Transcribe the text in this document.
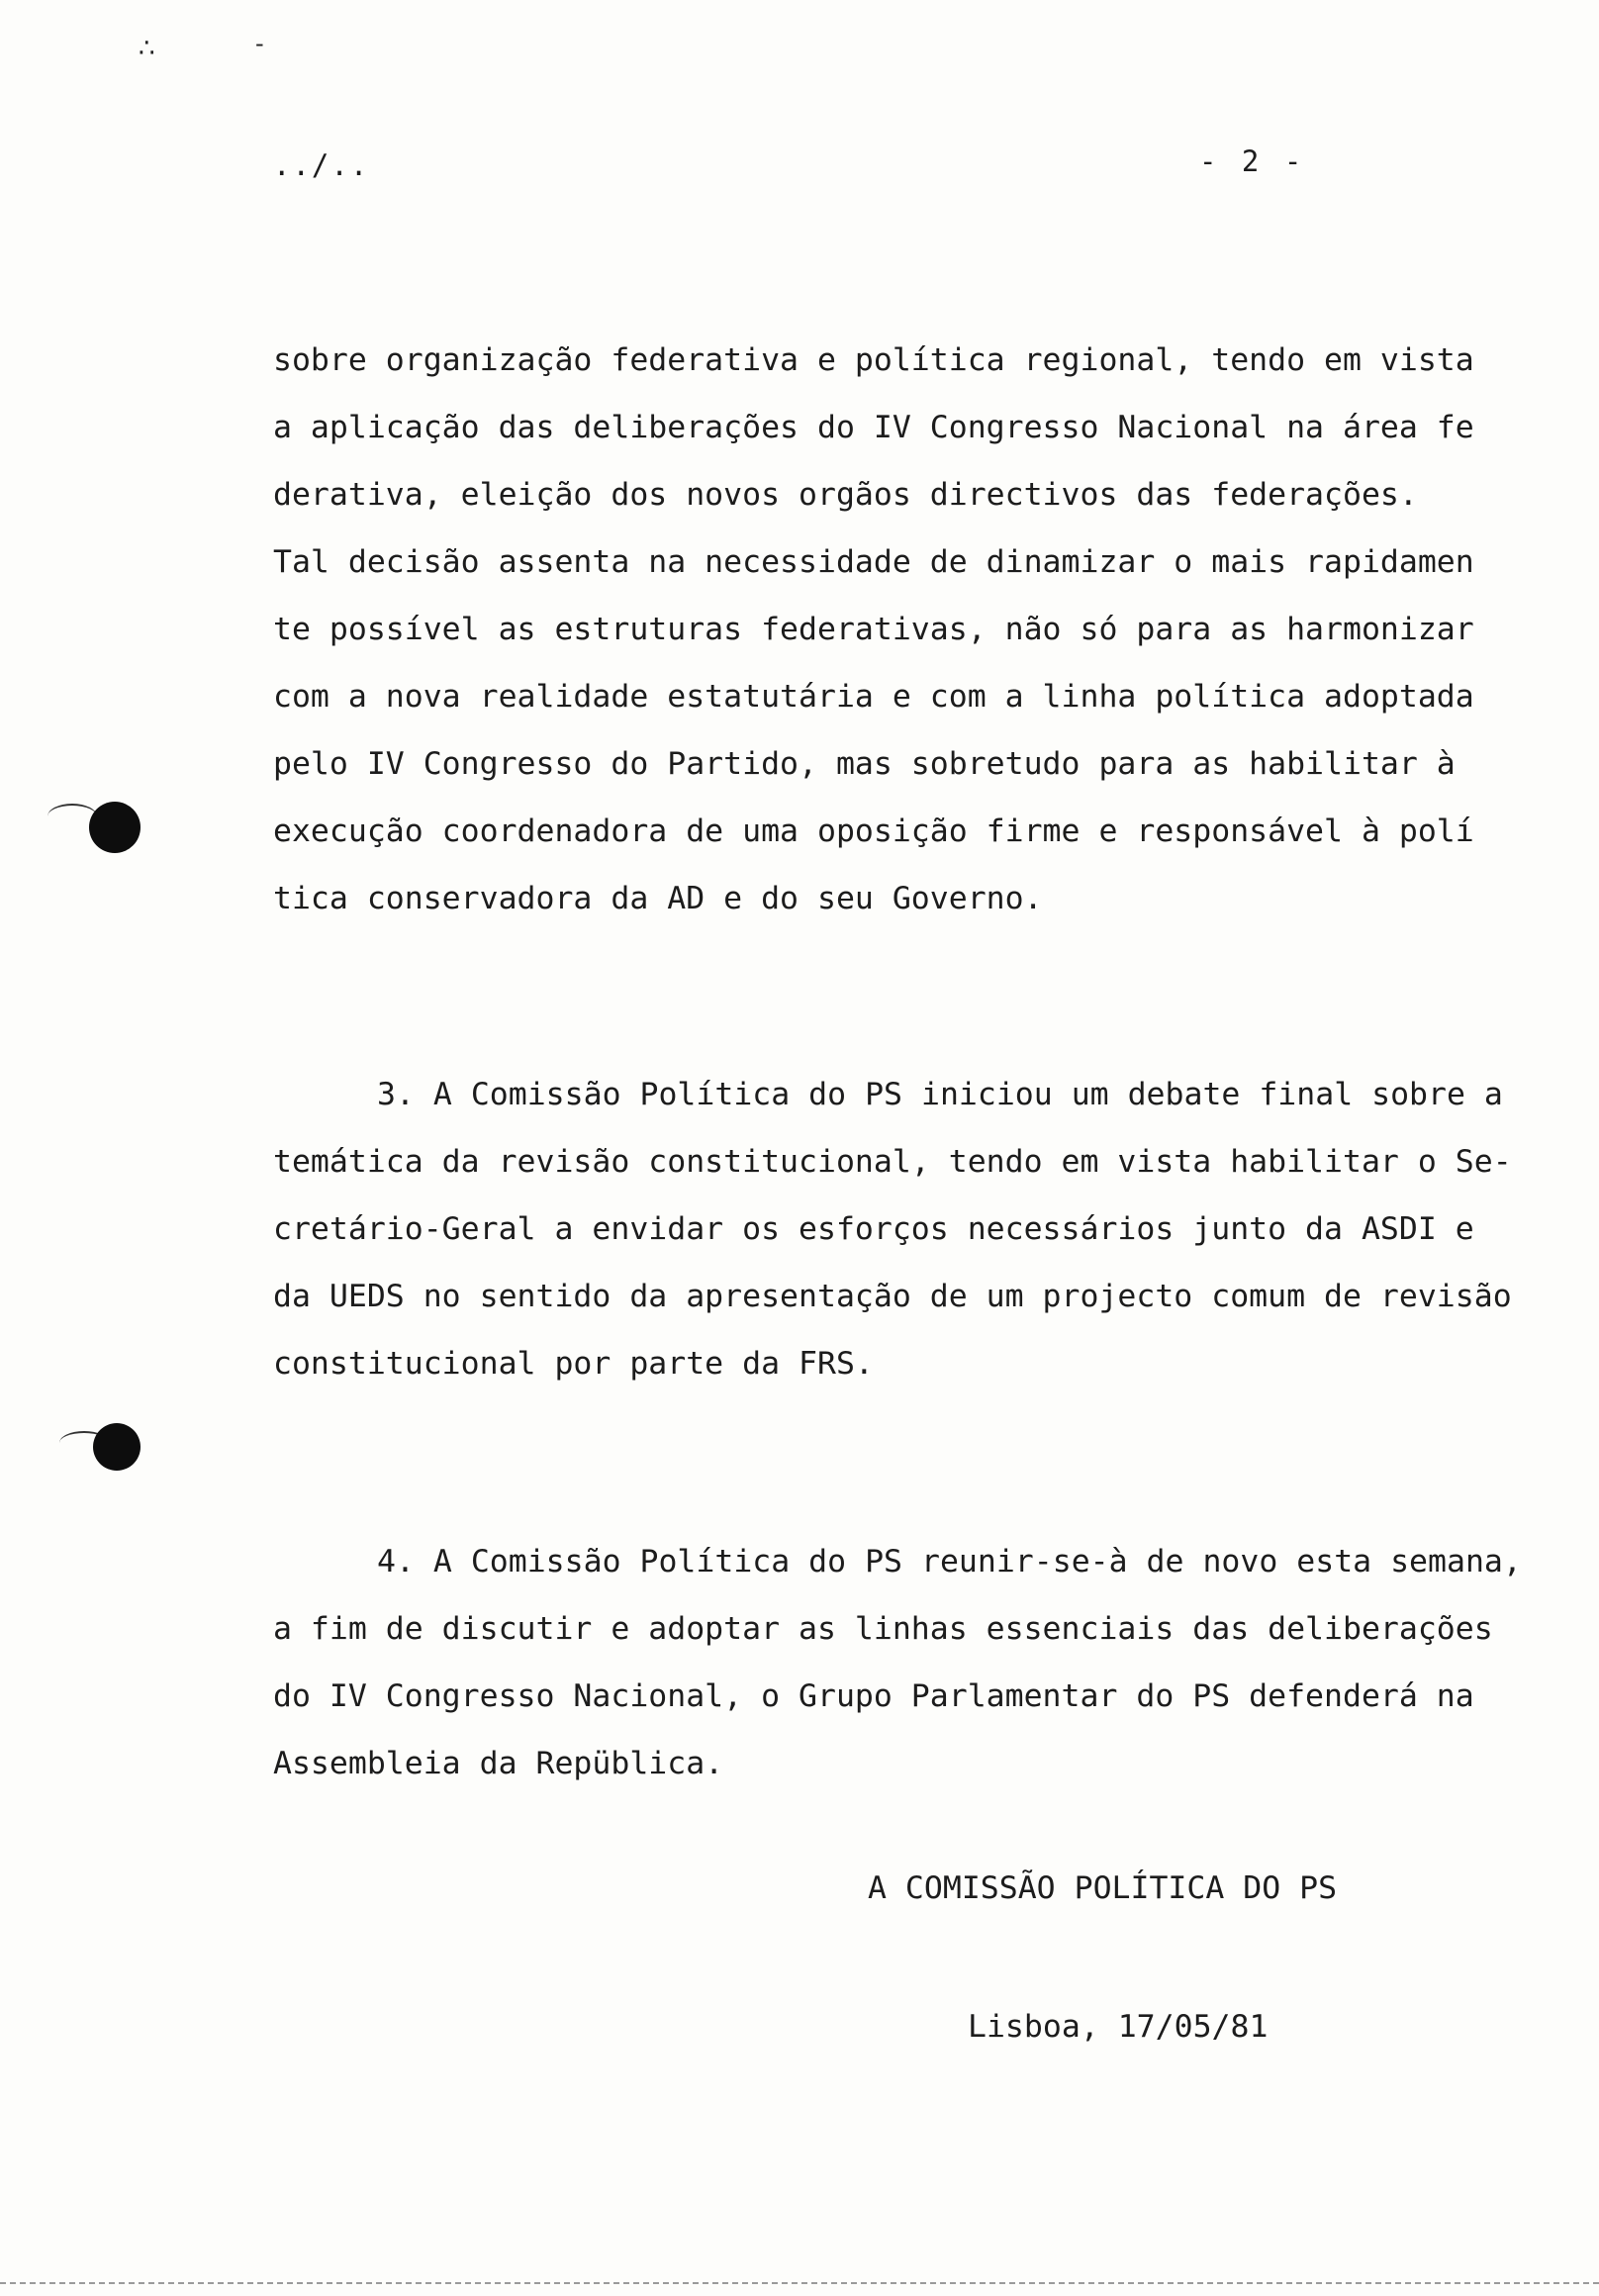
∴	-
../..	- 2 -
sobre organização federativa e política regional, tendo em vista
a aplicação das deliberações do IV Congresso Nacional na área fe
derativa, eleição dos novos orgãos directivos das federações.
Tal decisão assenta na necessidade de dinamizar o mais rapidamen
te possível as estruturas federativas, não só para as harmonizar
com a nova realidade estatutária e com a linha política adoptada
pelo IV Congresso do Partido, mas sobretudo para as habilitar à
execução coordenadora de uma oposição firme e responsável à polí
tica conservadora da AD e do seu Governo.
3. A Comissão Política do PS iniciou um debate final sobre a
temática da revisão constitucional, tendo em vista habilitar o Se-
cretário-Geral a envidar os esforços necessários junto da ASDI e
da UEDS no sentido da apresentação de um projecto comum de revisão
constitucional por parte da FRS.
4. A Comissão Política do PS reunir-se-à de novo esta semana,
a fim de discutir e adoptar as linhas essenciais das deliberações
do IV Congresso Nacional, o Grupo Parlamentar do PS defenderá na
Assembleia da Repüblica.
A COMISSÃO POLÍTICA DO PS
Lisboa, 17/05/81
